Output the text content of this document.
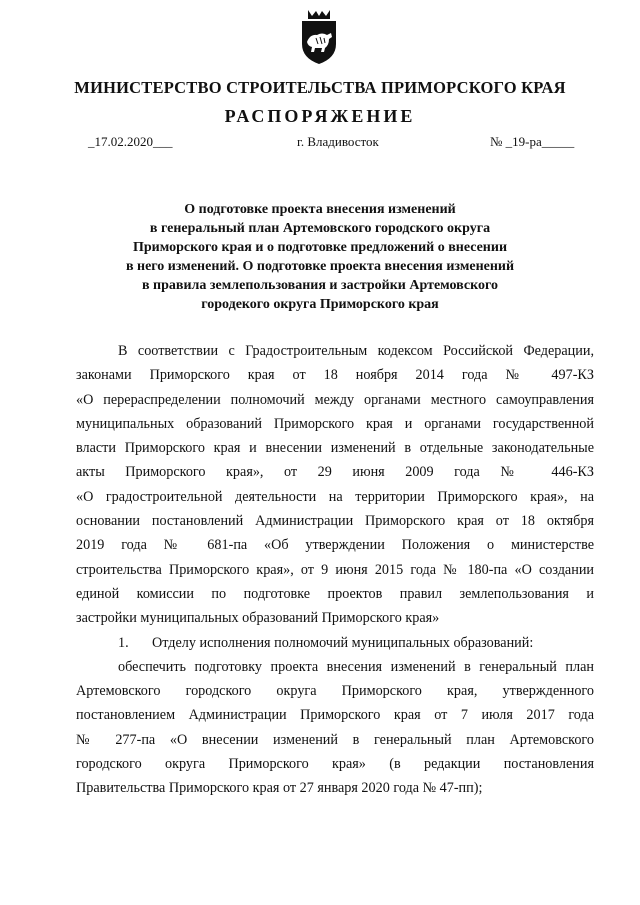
МИНИСТЕРСТВО СТРОИТЕЛЬСТВА ПРИМОРСКОГО КРАЯ
РАСПОРЯЖЕНИЕ
_17.02.2020___	г. Владивосток	№ _19-ра_____
О подготовке проекта внесения изменений
в генеральный план Артемовского городского округа
Приморского края и о подготовке предложений о внесении
в него изменений. О подготовке проекта внесения изменений
в правила землепользования и застройки Артемовского
городекого округа Приморского края
В соответствии с Градостроительным кодексом Российской Федерации,
законами Приморского края от 18 ноября 2014 года № 497-КЗ
«О перераспределении полномочий между органами местного самоуправления
муниципальных образований Приморского края и органами государственной
власти Приморского края и внесении изменений в отдельные законодательные
акты Приморского края», от 29 июня 2009 года № 446-КЗ
«О градостроительной деятельности на территории Приморского края», на
основании постановлений Администрации Приморского края от 18 октября
2019 года № 681-па «Об утверждении Положения о министерстве
строительства Приморского края», от 9 июня 2015 года № 180-па «О создании
единой комиссии по подготовке проектов правил землепользования и
застройки муниципальных образований Приморского края»
1. Отделу исполнения полномочий муниципальных образований:
обеспечить подготовку проекта внесения изменений в генеральный план
Артемовского городского округа Приморского края, утвержденного
постановлением Администрации Приморского края от 7 июля 2017 года
№ 277-па «О внесении изменений в генеральный план Артемовского
городского округа Приморского края» (в редакции постановления
Правительства Приморского края от 27 января 2020 года № 47-пп);
